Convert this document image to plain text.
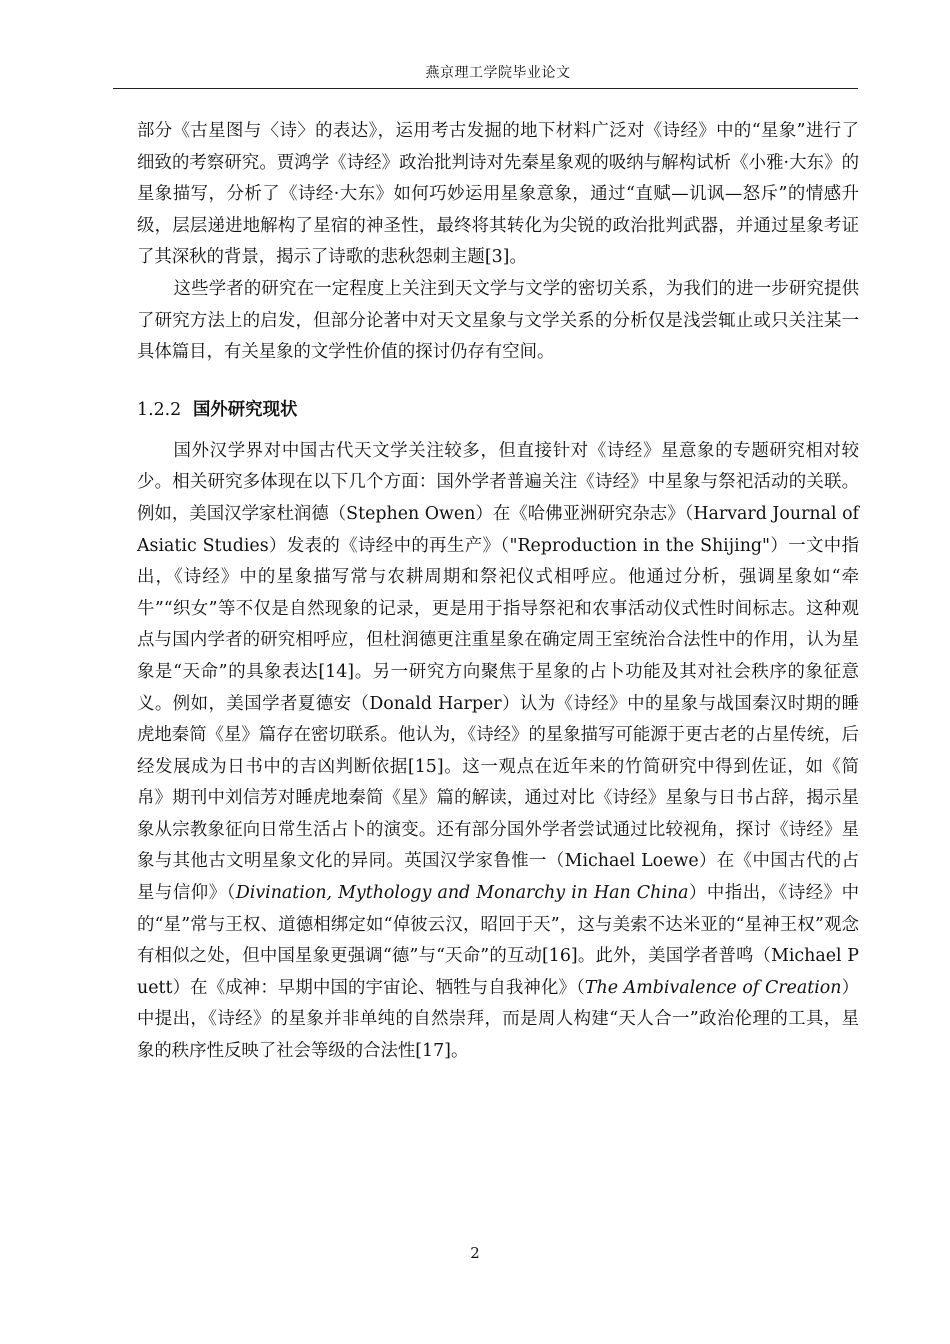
燕京理工学院毕业论文

部分《古星图与〈诗〉的表达》，运用考古发掘的地下材料广泛对《诗经》中的“星象”进行了细致的考察研究。贾鸿学《诗经》政治批判诗对先秦星象观的吸纳与解构试析《小雅·大东》的星象描写，分析了《诗经·大东》如何巧妙运用星象意象，通过“直赋—讥讽—怒斥”的情感升级，层层递进地解构了星宿的神圣性，最终将其转化为尖锐的政治批判武器，并通过星象考证了其深秋的背景，揭示了诗歌的悲秋怨刺主题[3]。

这些学者的研究在一定程度上关注到天文学与文学的密切关系，为我们的进一步研究提供了研究方法上的启发，但部分论著中对天文星象与文学关系的分析仅是浅尝辄止或只关注某一具体篇目，有关星象的文学性价值的探讨仍存有空间。

1.2.2 国外研究现状

国外汉学界对中国古代天文学关注较多，但直接针对《诗经》星意象的专题研究相对较少。相关研究多体现在以下几个方面：国外学者普遍关注《诗经》中星象与祭祀活动的关联。例如，美国汉学家杜润德（Stephen Owen）在《哈佛亚洲研究杂志》（Harvard Journal of Asiatic Studies）发表的《诗经中的再生产》（"Reproduction in the Shijing"）一文中指出，《诗经》中的星象描写常与农耕周期和祭祀仪式相呼应。他通过分析，强调星象如“牵牛”“织女”等不仅是自然现象的记录，更是用于指导祭祀和农事活动仪式性时间标志。这种观点与国内学者的研究相呼应，但杜润德更注重星象在确定周王室统治合法性中的作用，认为星象是“天命”的具象表达[14]。另一研究方向聚焦于星象的占卜功能及其对社会秩序的象征意义。例如，美国学者夏德安（Donald Harper）认为《诗经》中的星象与战国秦汉时期的睡虎地秦简《星》篇存在密切联系。他认为，《诗经》的星象描写可能源于更古老的占星传统，后经发展成为日书中的吉凶判断依据[15]。这一观点在近年来的竹简研究中得到佐证，如《简帛》期刊中刘信芳对睡虎地秦简《星》篇的解读，通过对比《诗经》星象与日书占辞，揭示星象从宗教象征向日常生活占卜的演变。还有部分国外学者尝试通过比较视角，探讨《诗经》星象与其他古文明星象文化的异同。英国汉学家鲁惟一（Michael Loewe）在《中国古代的占星与信仰》（Divination, Mythology and Monarchy in Han China）中指出，《诗经》中的“星”常与王权、道德相绑定如“倬彼云汉，昭回于天”，这与美索不达米亚的“星神王权”观念有相似之处，但中国星象更强调“德”与“天命”的互动[16]。此外，美国学者普鸣（Michael Puett）在《成神：早期中国的宇宙论、牺牲与自我神化》（The Ambivalence of Creation）中提出，《诗经》的星象并非单纯的自然崇拜，而是周人构建“天人合一”政治伦理的工具，星象的秩序性反映了社会等级的合法性[17]。

2
